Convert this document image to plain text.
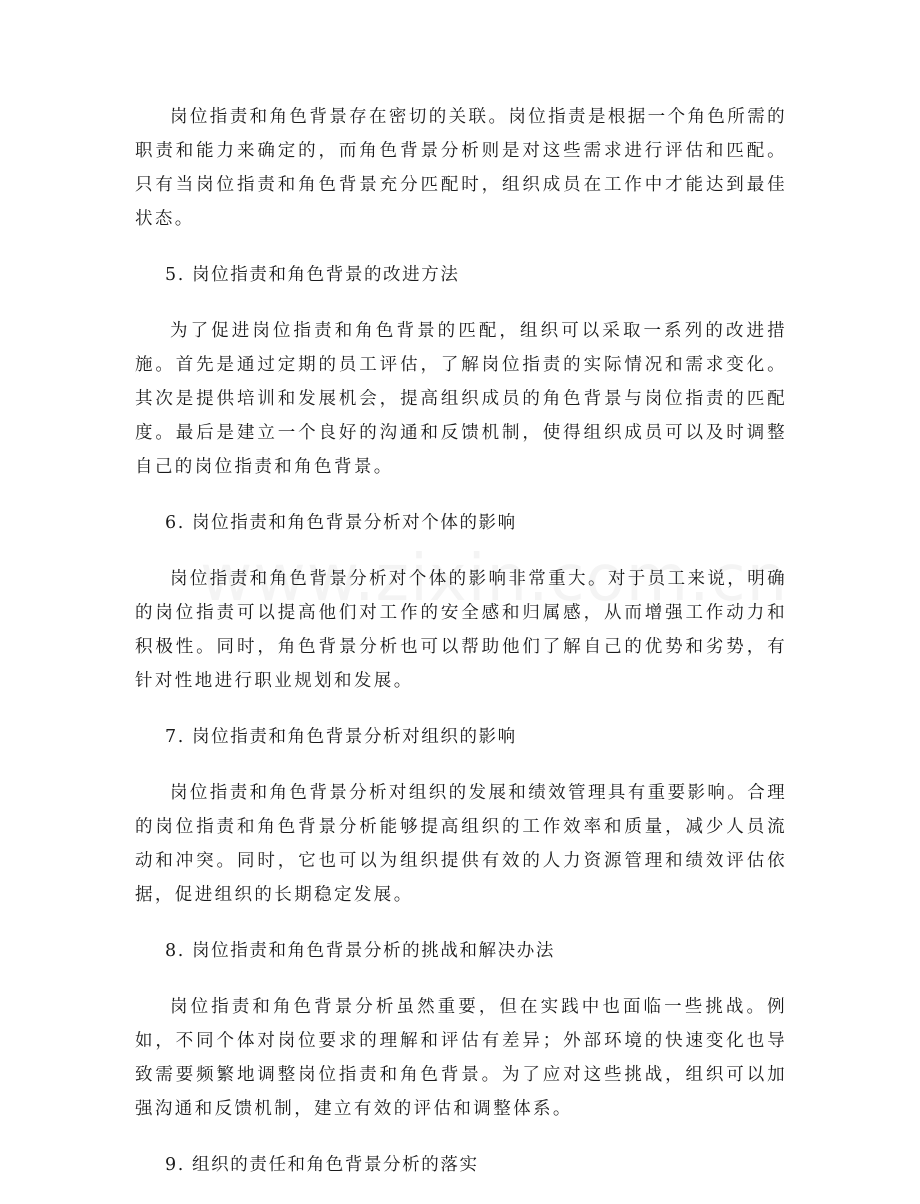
岗位指责和角色背景存在密切的关联。岗位指责是根据一个角色所需的职责和能力来确定的，而角色背景分析则是对这些需求进行评估和匹配。只有当岗位指责和角色背景充分匹配时，组织成员在工作中才能达到最佳状态。

5. 岗位指责和角色背景的改进方法

为了促进岗位指责和角色背景的匹配，组织可以采取一系列的改进措施。首先是通过定期的员工评估，了解岗位指责的实际情况和需求变化。其次是提供培训和发展机会，提高组织成员的角色背景与岗位指责的匹配度。最后是建立一个良好的沟通和反馈机制，使得组织成员可以及时调整自己的岗位指责和角色背景。

6. 岗位指责和角色背景分析对个体的影响

岗位指责和角色背景分析对个体的影响非常重大。对于员工来说，明确的岗位指责可以提高他们对工作的安全感和归属感，从而增强工作动力和积极性。同时，角色背景分析也可以帮助他们了解自己的优势和劣势，有针对性地进行职业规划和发展。

7. 岗位指责和角色背景分析对组织的影响

岗位指责和角色背景分析对组织的发展和绩效管理具有重要影响。合理的岗位指责和角色背景分析能够提高组织的工作效率和质量，减少人员流动和冲突。同时，它也可以为组织提供有效的人力资源管理和绩效评估依据，促进组织的长期稳定发展。

8. 岗位指责和角色背景分析的挑战和解决办法

岗位指责和角色背景分析虽然重要，但在实践中也面临一些挑战。例如，不同个体对岗位要求的理解和评估有差异；外部环境的快速变化也导致需要频繁地调整岗位指责和角色背景。为了应对这些挑战，组织可以加强沟通和反馈机制，建立有效的评估和调整体系。

9. 组织的责任和角色背景分析的落实
